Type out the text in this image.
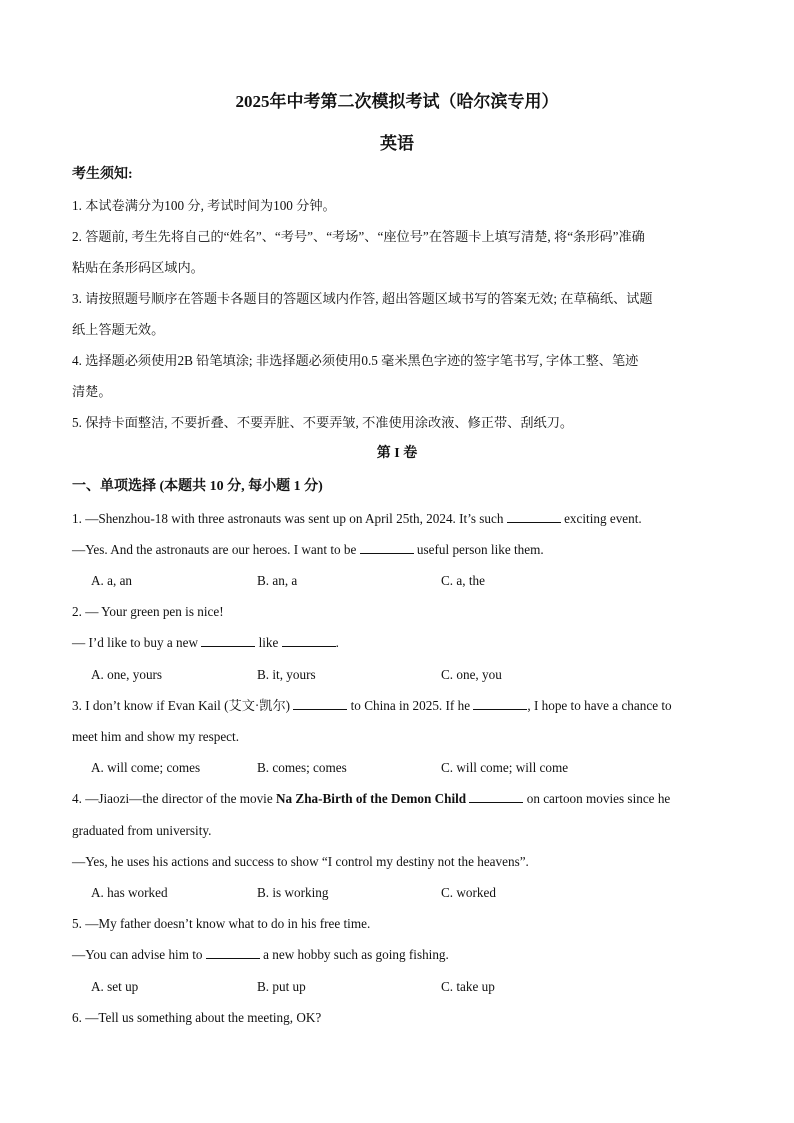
2025年中考第二次模拟考试（哈尔滨专用）
英语
考生须知:
1. 本试卷满分为100 分, 考试时间为100 分钟。
2. 答题前, 考生先将自己的“姓名”、“考号”、“考场”、“座位号”在答题卡上填写清楚, 将“条形码”准确
粘贴在条形码区域内。
3. 请按照题号顺序在答题卡各题目的答题区域内作答, 超出答题区域书写的答案无效; 在草稿纸、试题
纸上答题无效。
4. 选择题必须使用2B 铅笔填涂; 非选择题必须使用0.5 毫米黑色字迹的签字笔书写, 字体工整、笔迹
清楚。
5. 保持卡面整洁, 不要折叠、不要弄脏、不要弄皱, 不准使用涂改液、修正带、刮纸刀。
第 I 卷
一、单项选择 (本题共 10 分, 每小题 1 分)
1. —Shenzhou-18 with three astronauts was sent up on April 25th, 2024. It’s such	exciting event.
—Yes. And the astronauts are our heroes. I want to be	useful person like them.
A. a, an	B. an, a	C. a, the
2. — Your green pen is nice!
— I’d like to buy a new	like	.
A. one, yours	B. it, yours	C. one, you
3. I don’t know if Evan Kail (艾文·凯尔)	to China in 2025. If he	, I hope to have a chance to
meet him and show my respect.
A. will come; comes	B. comes; comes	C. will come; will come
4. —Jiaozi—the director of the movie Na Zha-Birth of the Demon Child	on cartoon movies since he
graduated from university.
—Yes, he uses his actions and success to show “I control my destiny not the heavens”.
A. has worked	B. is working	C. worked
5. —My father doesn’t know what to do in his free time.
—You can advise him to	a new hobby such as going fishing.
A. set up	B. put up	C. take up
6. —Tell us something about the meeting, OK?
